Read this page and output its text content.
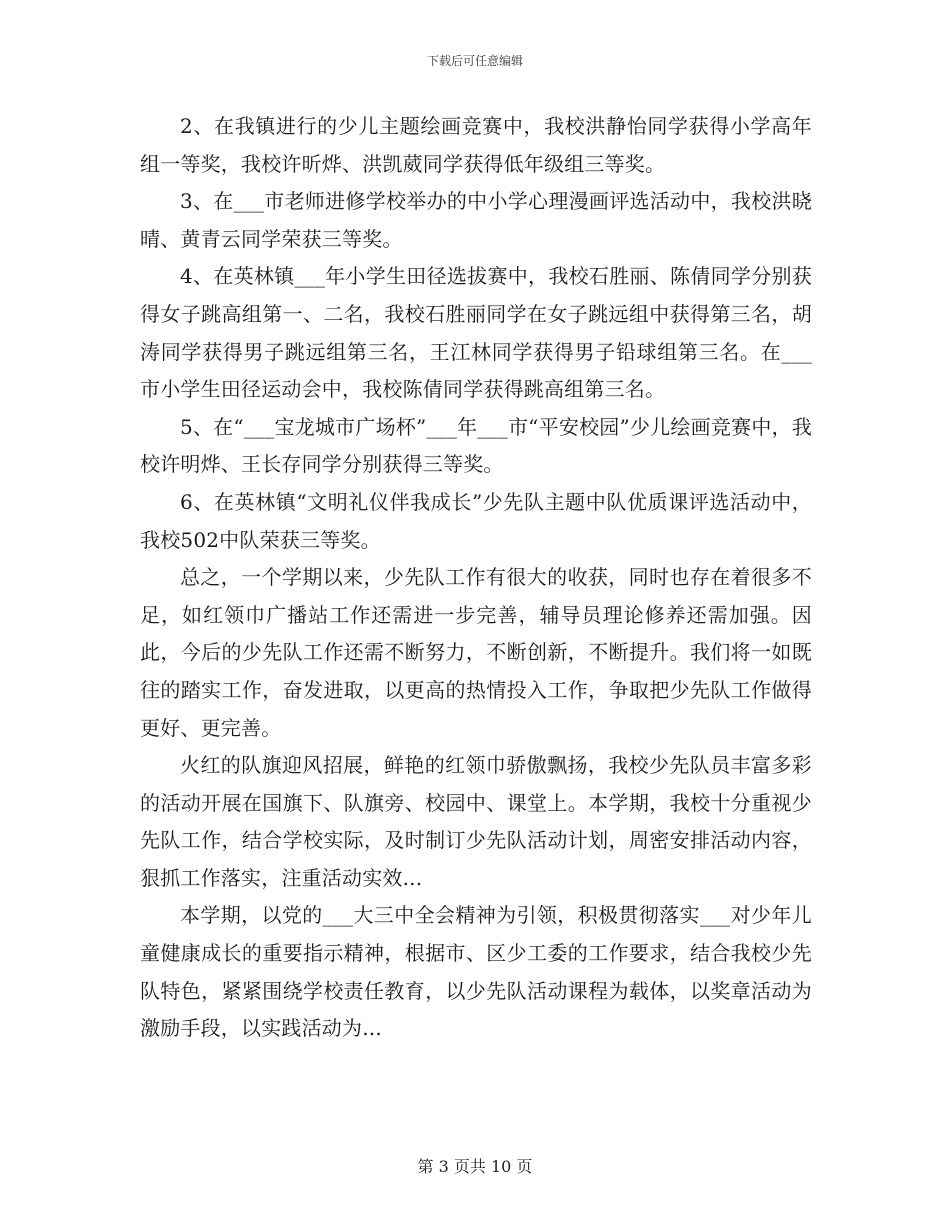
下载后可任意编辑

2、在我镇进行的少儿主题绘画竞赛中，我校洪静怡同学获得小学高年组一等奖，我校许昕烨、洪凯葳同学获得低年级组三等奖。

3、在___市老师进修学校举办的中小学心理漫画评选活动中，我校洪晓晴、黄青云同学荣获三等奖。

4、在英林镇___年小学生田径选拔赛中，我校石胜丽、陈倩同学分别获得女子跳高组第一、二名，我校石胜丽同学在女子跳远组中获得第三名，胡涛同学获得男子跳远组第三名，王江林同学获得男子铅球组第三名。在___市小学生田径运动会中，我校陈倩同学获得跳高组第三名。

5、在“___宝龙城市广场杯”___年___市“平安校园”少儿绘画竞赛中，我校许明烨、王长存同学分别获得三等奖。

6、在英林镇“文明礼仪伴我成长”少先队主题中队优质课评选活动中，我校502中队荣获三等奖。

总之，一个学期以来，少先队工作有很大的收获，同时也存在着很多不足，如红领巾广播站工作还需进一步完善，辅导员理论修养还需加强。因此，今后的少先队工作还需不断努力，不断创新，不断提升。我们将一如既往的踏实工作，奋发进取，以更高的热情投入工作，争取把少先队工作做得更好、更完善。

火红的队旗迎风招展，鲜艳的红领巾骄傲飘扬，我校少先队员丰富多彩的活动开展在国旗下、队旗旁、校园中、课堂上。本学期，我校十分重视少先队工作，结合学校实际，及时制订少先队活动计划，周密安排活动内容，狠抓工作落实，注重活动实效...

本学期，以党的___大三中全会精神为引领，积极贯彻落实___对少年儿童健康成长的重要指示精神，根据市、区少工委的工作要求，结合我校少先队特色，紧紧围绕学校责任教育，以少先队活动课程为载体，以奖章活动为激励手段，以实践活动为...

第 3 页共 10 页
